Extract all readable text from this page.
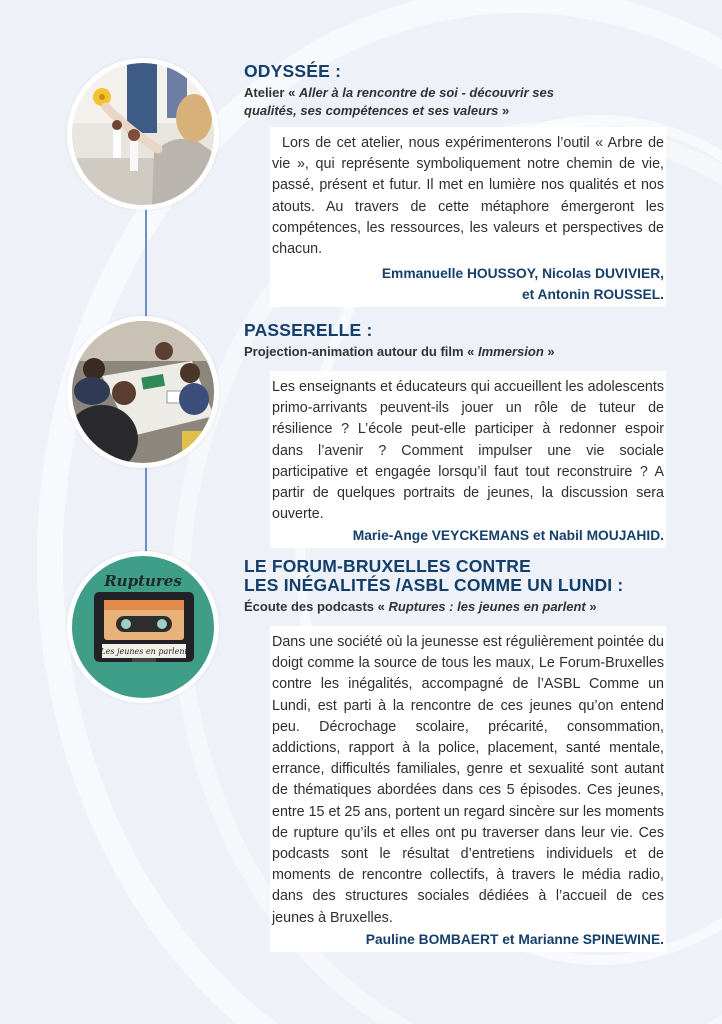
Ruptures
Les jeunes en parlent
ODYSSÉE :

Atelier « Aller à la rencontre de soi - découvrir ses qualités, ses compétences et ses valeurs »

Lors de cet atelier, nous expérimenterons l’outil « Arbre de vie », qui représente symboliquement notre chemin de vie, passé, présent et futur. Il met en lumière nos qualités et nos atouts. Au travers de cette métaphore émergeront les compétences, les ressources, les valeurs et perspectives de chacun.

Emmanuelle HOUSSOY, Nicolas DUVIVIER,
et Antonin ROUSSEL.

PASSERELLE :

Projection-animation autour du film « Immersion »

Les enseignants et éducateurs qui accueillent les adolescents primo-arrivants peuvent-ils jouer un rôle de tuteur de résilience ? L’école peut-elle participer à redonner espoir dans l’avenir ? Comment impulser une vie sociale participative et engagée lorsqu’il faut tout reconstruire ? A partir de quelques portraits de jeunes, la discussion sera ouverte.

Marie-Ange VEYCKEMANS et Nabil MOUJAHID.

LE FORUM-BRUXELLES CONTRE
LES INÉGALITÉS /ASBL COMME UN LUNDI :

Écoute des podcasts « Ruptures : les jeunes en parlent »

Dans une société où la jeunesse est régulièrement pointée du doigt comme la source de tous les maux, Le Forum-Bruxelles contre les inégalités, accompagné de l’ASBL Comme un Lundi, est parti à la rencontre de ces jeunes qu’on entend peu. Décrochage scolaire, précarité, consommation, addictions, rapport à la police, placement, santé mentale, errance, difficultés familiales, genre et sexualité sont autant de thématiques abordées dans ces 5 épisodes. Ces jeunes, entre 15 et 25 ans, portent un regard sincère sur les moments de rupture qu’ils et elles ont pu traverser dans leur vie. Ces podcasts sont le résultat d’entretiens individuels et de moments de rencontre collectifs, à travers le média radio, dans des structures sociales dédiées à l’accueil de ces jeunes à Bruxelles.

Pauline BOMBAERT et Marianne SPINEWINE.
